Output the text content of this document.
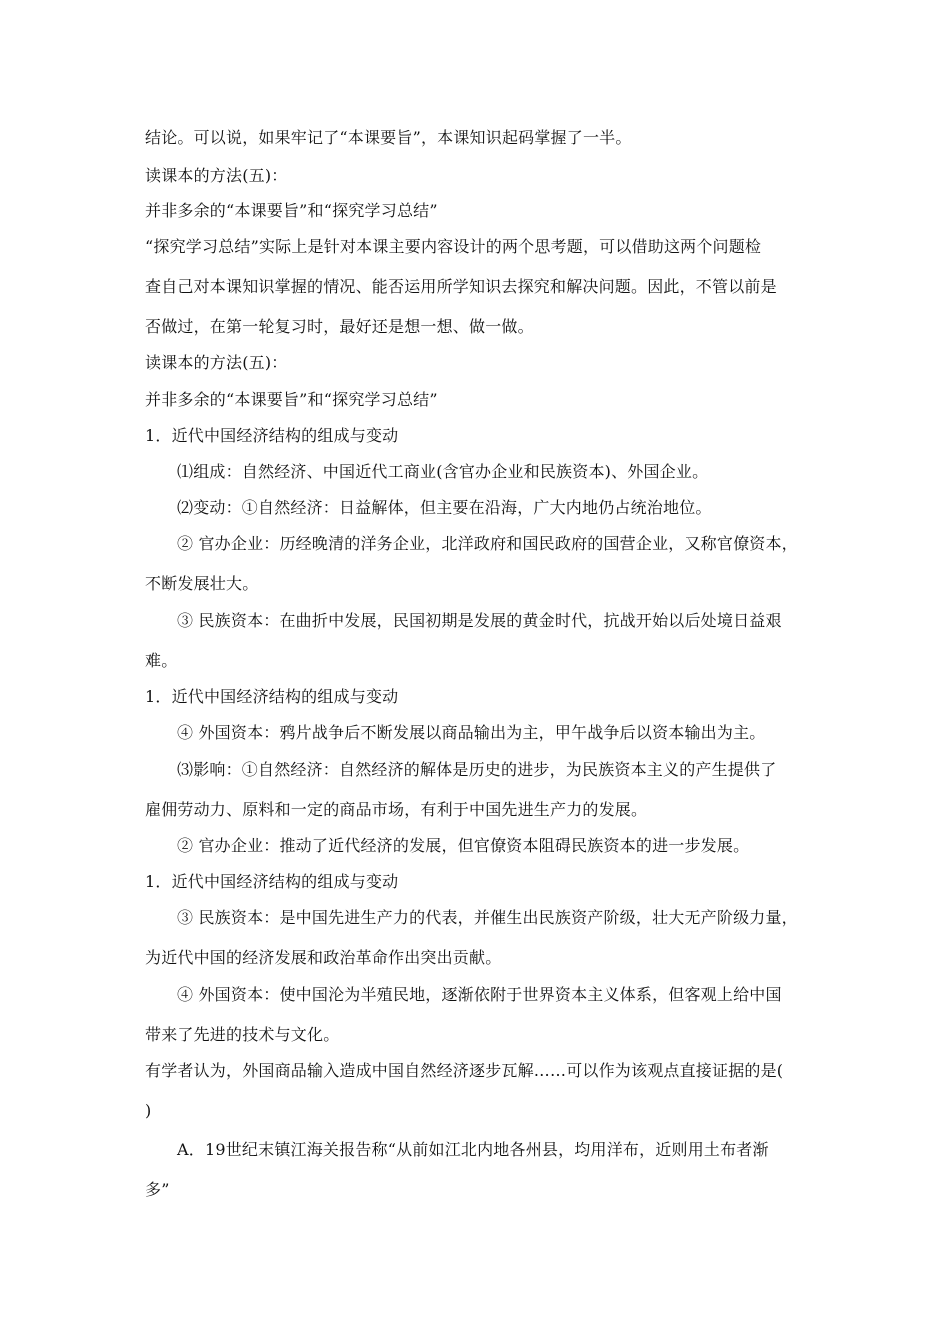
结论。可以说，如果牢记了“本课要旨”，本课知识起码掌握了一半。
读课本的方法(五)：
并非多余的“本课要旨”和“探究学习总结”
“探究学习总结”实际上是针对本课主要内容设计的两个思考题，可以借助这两个问题检
查自己对本课知识掌握的情况、能否运用所学知识去探究和解决问题。因此，不管以前是
否做过，在第一轮复习时，最好还是想一想、做一做。
读课本的方法(五)：
并非多余的“本课要旨”和“探究学习总结”
1．近代中国经济结构的组成与变动
⑴组成：自然经济、中国近代工商业(含官办企业和民族资本)、外国企业。
⑵变动：①自然经济：日益解体，但主要在沿海，广大内地仍占统治地位。
② 官办企业：历经晚清的洋务企业，北洋政府和国民政府的国营企业，又称官僚资本，
不断发展壮大。
③ 民族资本：在曲折中发展，民国初期是发展的黄金时代，抗战开始以后处境日益艰
难。
1．近代中国经济结构的组成与变动
④ 外国资本：鸦片战争后不断发展以商品输出为主，甲午战争后以资本输出为主。
⑶影响：①自然经济：自然经济的解体是历史的进步，为民族资本主义的产生提供了
雇佣劳动力、原料和一定的商品市场，有利于中国先进生产力的发展。
② 官办企业：推动了近代经济的发展，但官僚资本阻碍民族资本的进一步发展。
1．近代中国经济结构的组成与变动
③ 民族资本：是中国先进生产力的代表，并催生出民族资产阶级，壮大无产阶级力量，
为近代中国的经济发展和政治革命作出突出贡献。
④ 外国资本：使中国沦为半殖民地，逐渐依附于世界资本主义体系，但客观上给中国
带来了先进的技术与文化。
有学者认为，外国商品输入造成中国自然经济逐步瓦解……可以作为该观点直接证据的是(
)
A．19世纪末镇江海关报告称“从前如江北内地各州县，均用洋布，近则用土布者渐
多”
